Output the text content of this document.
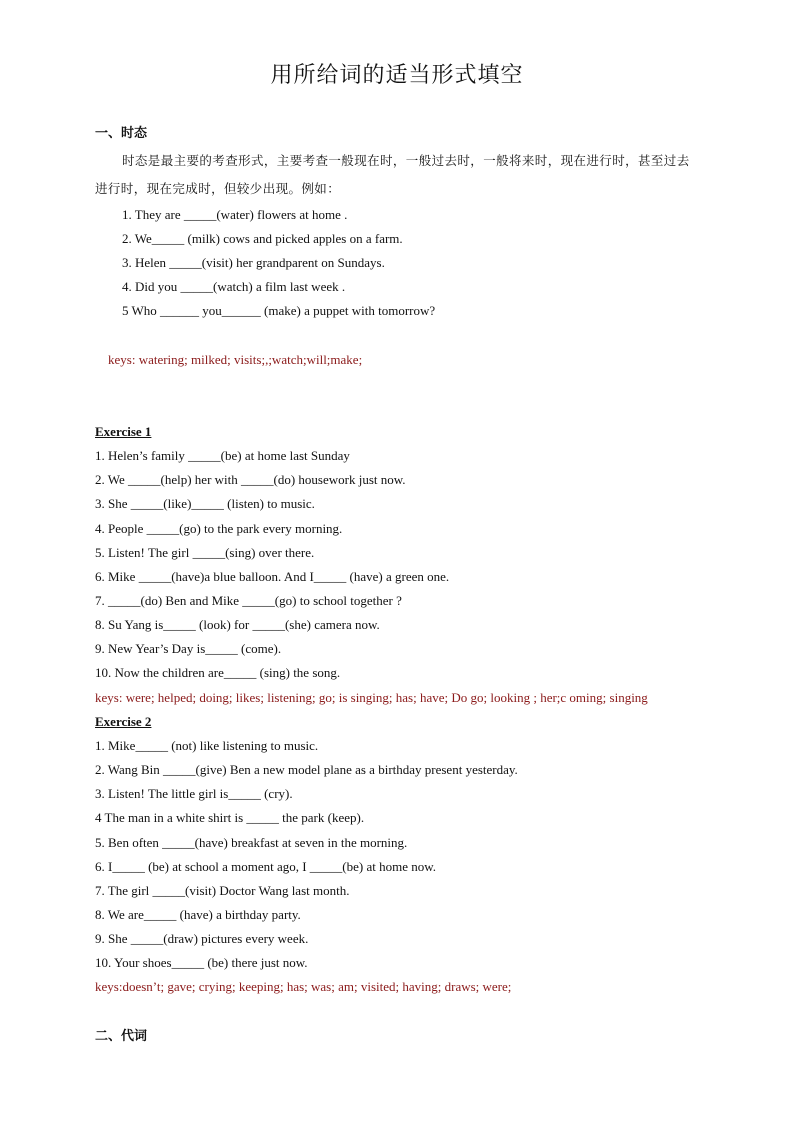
用所给词的适当形式填空
一、时态
时态是最主要的考查形式，主要考查一般现在时，一般过去时，一般将来时，现在进行时，甚至过去
进行时，现在完成时，但较少出现。例如：
1. They are _____(water) flowers at home .
2. We_____ (milk) cows and picked apples on a farm.
3. Helen _____(visit) her grandparent on Sundays.
4. Did you _____(watch) a film last week .
5 Who ______ you______ (make) a puppet with tomorrow?
keys: watering; milked; visits;,;watch;will;make;
Exercise 1
1. Helen’s family _____(be) at home last Sunday
2. We _____(help) her with _____(do) housework just now.
3. She _____(like)_____ (listen) to music.
4. People _____(go) to the park every morning.
5. Listen! The girl _____(sing) over there.
6. Mike _____(have)a blue balloon. And I_____ (have) a green one.
7. _____(do) Ben and Mike _____(go) to school together ?
8. Su Yang is_____ (look) for _____(she) camera now.
9. New Year’s Day is_____ (come).
10. Now the children are_____ (sing) the song.
keys: were; helped; doing; likes; listening; go; is singing; has; have; Do go; looking ; her;c oming; singing
Exercise 2
1. Mike_____ (not) like listening to music.
2. Wang Bin _____(give) Ben a new model plane as a birthday present yesterday.
3. Listen! The little girl is_____ (cry).
4 The man in a white shirt is _____ the park (keep).
5. Ben often _____(have) breakfast at seven in the morning.
6. I_____ (be) at school a moment ago, I _____(be) at home now.
7. The girl _____(visit) Doctor Wang last month.
8. We are_____ (have) a birthday party.
9. She _____(draw) pictures every week.
10. Your shoes_____ (be) there just now.
keys:doesn’t; gave; crying; keeping; has; was; am; visited; having; draws; were;
二、代词
